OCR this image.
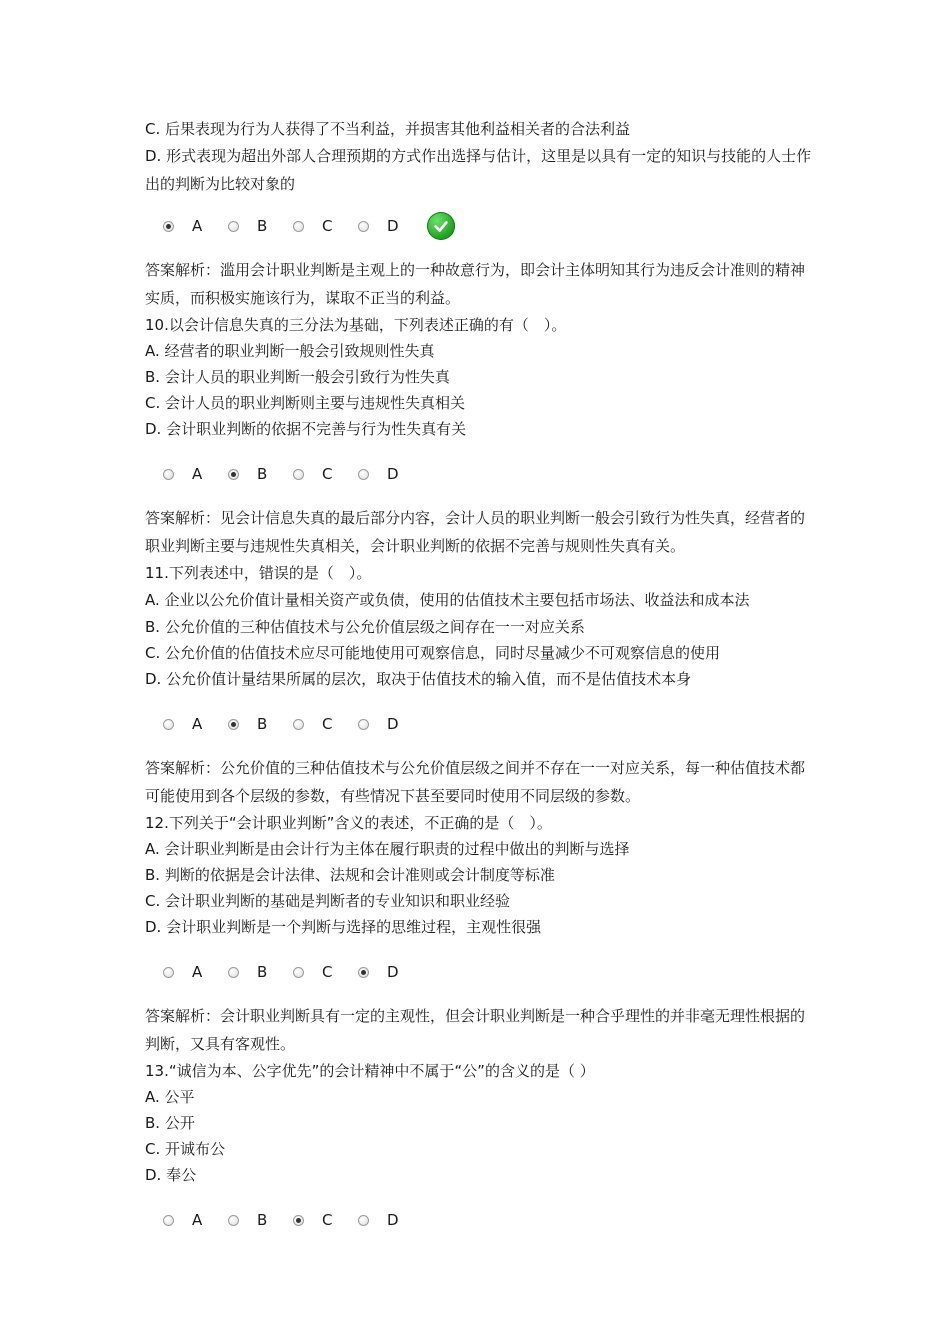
C. 后果表现为行为人获得了不当利益，并损害其他利益相关者的合法利益

D. 形式表现为超出外部人合理预期的方式作出选择与估计，这里是以具有一定的知识与技能的人士作出的判断为比较对象的

A	B	C	D

答案解析：滥用会计职业判断是主观上的一种故意行为，即会计主体明知其行为违反会计准则的精神实质，而积极实施该行为，谋取不正当的利益。

10.以会计信息失真的三分法为基础，下列表述正确的有（　）。

A. 经营者的职业判断一般会引致规则性失真

B. 会计人员的职业判断一般会引致行为性失真

C. 会计人员的职业判断则主要与违规性失真相关

D. 会计职业判断的依据不完善与行为性失真有关

A	B	C	D

答案解析：见会计信息失真的最后部分内容，会计人员的职业判断一般会引致行为性失真，经营者的职业判断主要与违规性失真相关，会计职业判断的依据不完善与规则性失真有关。

11.下列表述中，错误的是（　）。

A. 企业以公允价值计量相关资产或负债，使用的估值技术主要包括市场法、收益法和成本法

B. 公允价值的三种估值技术与公允价值层级之间存在一一对应关系

C. 公允价值的估值技术应尽可能地使用可观察信息，同时尽量减少不可观察信息的使用

D. 公允价值计量结果所属的层次，取决于估值技术的输入值，而不是估值技术本身

A	B	C	D

答案解析：公允价值的三种估值技术与公允价值层级之间并不存在一一对应关系，每一种估值技术都可能使用到各个层级的参数，有些情况下甚至要同时使用不同层级的参数。

12.下列关于“会计职业判断”含义的表述，不正确的是（　）。

A. 会计职业判断是由会计行为主体在履行职责的过程中做出的判断与选择

B. 判断的依据是会计法律、法规和会计准则或会计制度等标准

C. 会计职业判断的基础是判断者的专业知识和职业经验

D. 会计职业判断是一个判断与选择的思维过程，主观性很强

A	B	C	D

答案解析：会计职业判断具有一定的主观性，但会计职业判断是一种合乎理性的并非毫无理性根据的判断，又具有客观性。

13.“诚信为本、公字优先”的会计精神中不属于“公”的含义的是（ ）

A. 公平

B. 公开

C. 开诚布公

D. 奉公

A	B	C	D
